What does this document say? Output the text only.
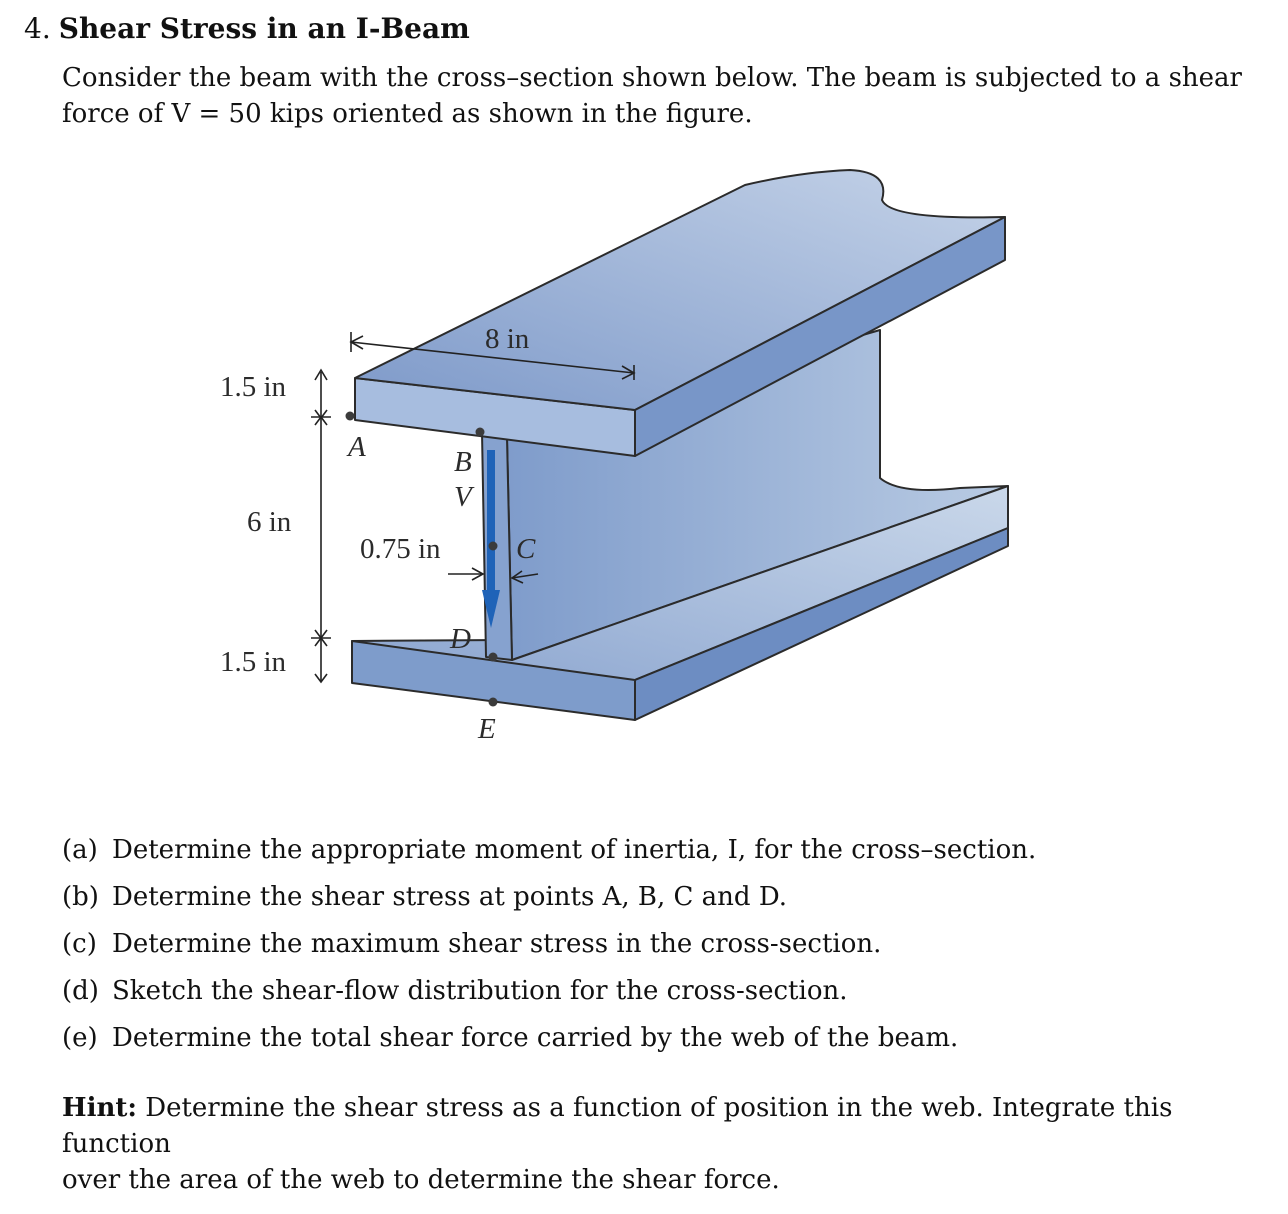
4. Shear Stress in an I-Beam
Consider the beam with the cross–section shown below. The beam is subjected to a shear
force of V = 50 kips oriented as shown in the figure.
8 in
1.5 in
6 in
1.5 in
0.75 in
A	B
V
C
D
E
(a) Determine the appropriate moment of inertia, I, for the cross–section.
(b) Determine the shear stress at points A, B, C and D.
(c) Determine the maximum shear stress in the cross-section.
(d) Sketch the shear-flow distribution for the cross-section.
(e) Determine the total shear force carried by the web of the beam.
Hint: Determine the shear stress as a function of position in the web. Integrate this function
over the area of the web to determine the shear force.
